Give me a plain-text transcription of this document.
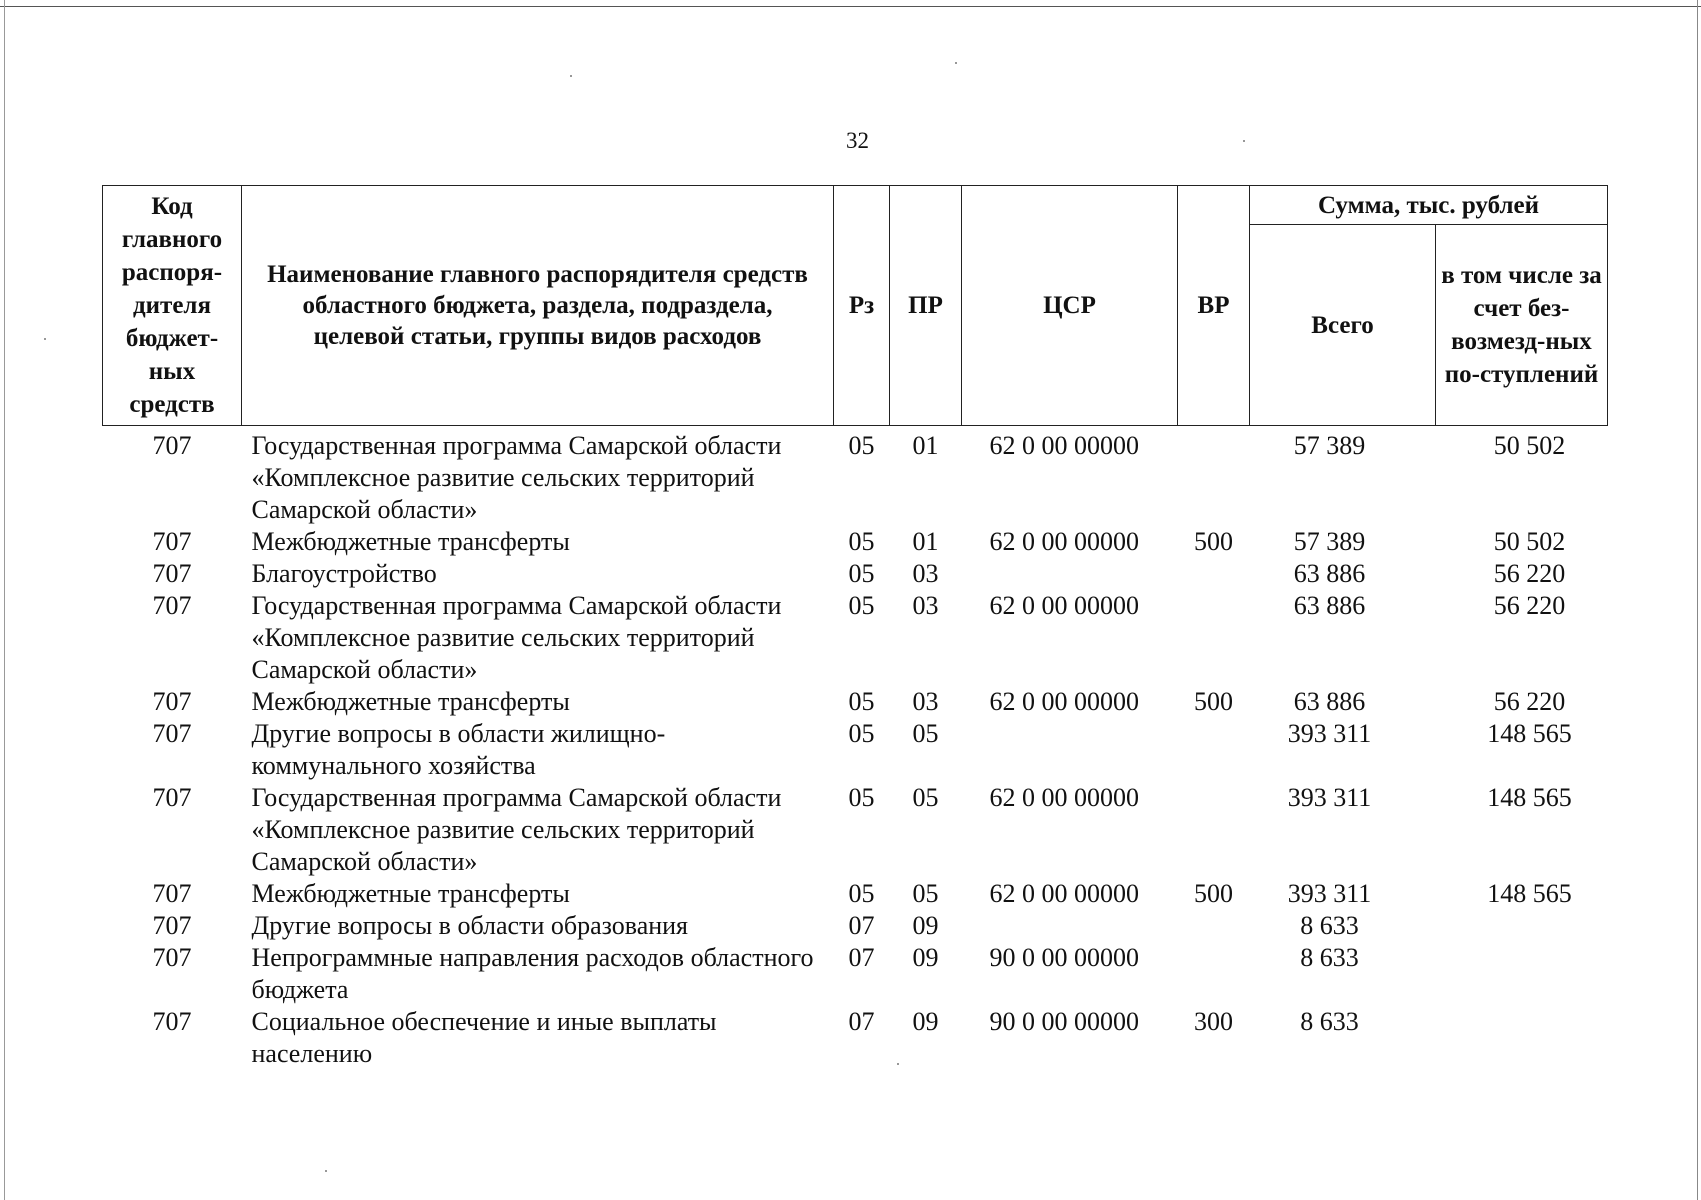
32
Код главного распоря-дителя бюджет-ных средств	Наименование главного распорядителя средств областного бюджета, раздела, подраздела, целевой статьи, группы видов расходов	Рз	ПР	ЦСР	ВР	Сумма, тыс. рублей	
						Всего	в том числе за счет без-возмезд-ных по-ступлений
707	Государственная программа Самарской области «Комплексное развитие сельских территорий Самарской области»	05	01	62 0 00 00000		57 389	50 502
707	Межбюджетные трансферты	05	01	62 0 00 00000	500	57 389	50 502
707	Благоустройство	05	03			63 886	56 220
707	Государственная программа Самарской области «Комплексное развитие сельских территорий Самарской области»	05	03	62 0 00 00000		63 886	56 220
707	Межбюджетные трансферты	05	03	62 0 00 00000	500	63 886	56 220
707	Другие вопросы в области жилищно-коммунального хозяйства	05	05			393 311	148 565
707	Государственная программа Самарской области «Комплексное развитие сельских территорий Самарской области»	05	05	62 0 00 00000		393 311	148 565
707	Межбюджетные трансферты	05	05	62 0 00 00000	500	393 311	148 565
707	Другие вопросы в области образования	07	09			8 633	
707	Непрограммные направления расходов областного бюджета	07	09	90 0 00 00000		8 633	
707	Социальное обеспечение и иные выплаты населению	07	09	90 0 00 00000	300	8 633	
